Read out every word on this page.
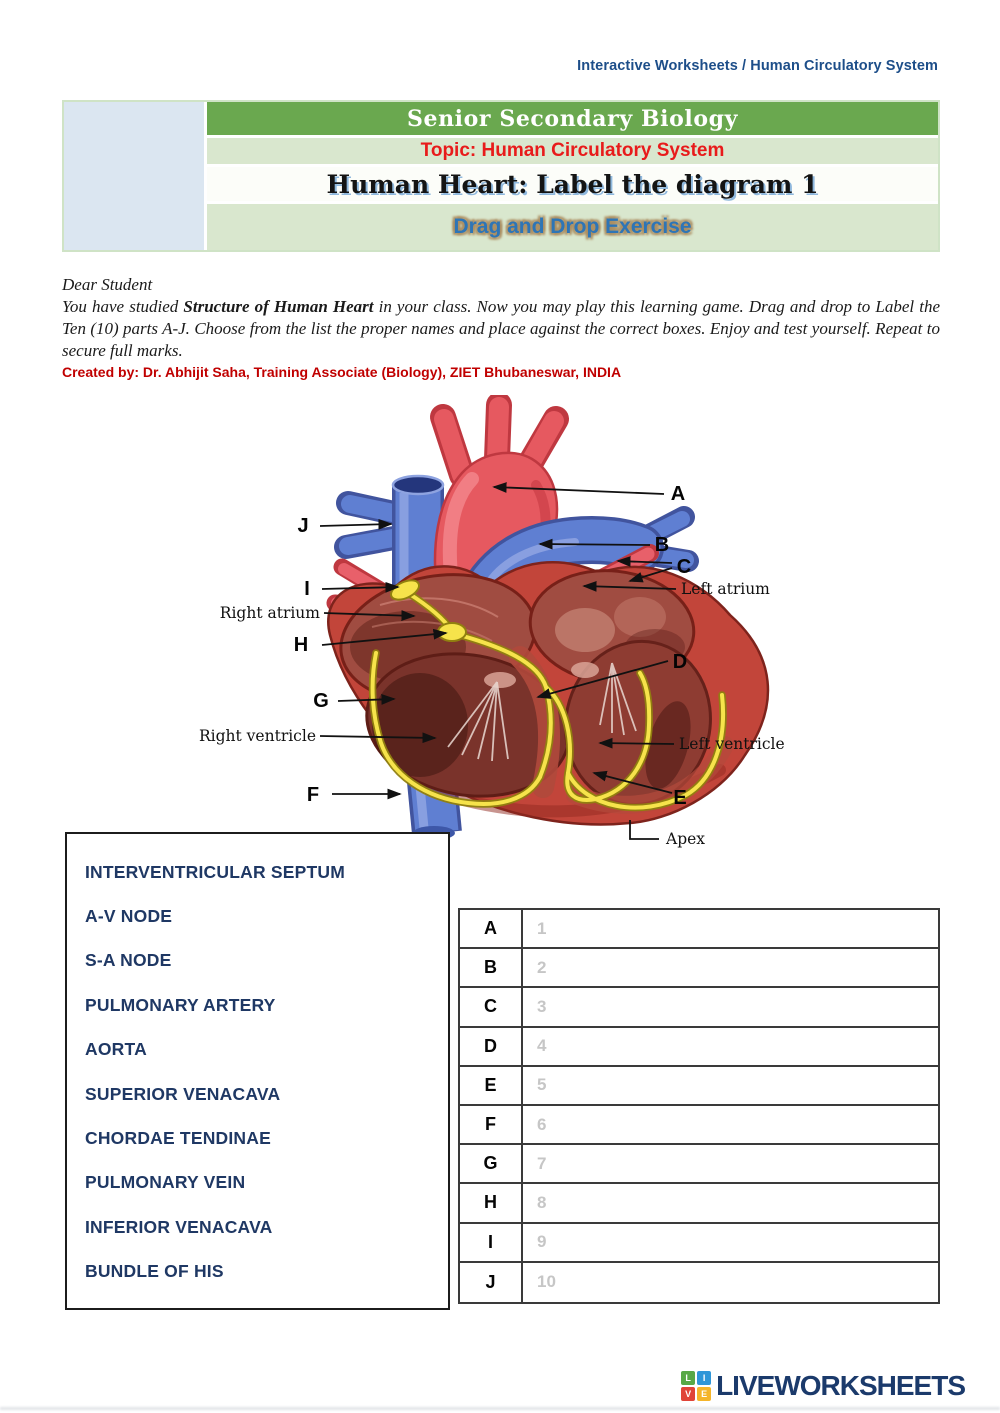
Interactive Worksheets / Human Circulatory System
Senior Secondary Biology
Topic: Human Circulatory System
Human Heart: Label the diagram 1
Drag and Drop Exercise
Dear Student
You have studied Structure of Human Heart in your class. Now you may play this learning game. Drag and drop to Label the Ten (10) parts A-J. Choose from the list the proper names and place against the correct boxes. Enjoy and test yourself. Repeat to secure full marks.
Created by: Dr. Abhijit Saha, Training Associate (Biology), ZIET Bhubaneswar, INDIA
A
B
C
D
E
F
G
H
I
J
Right atrium
Right ventricle
Left atrium
Left ventricle
Apex
INTERVENTRICULAR SEPTUM
A-V NODE
S-A NODE
PULMONARY ARTERY
AORTA
SUPERIOR VENACAVA
CHORDAE TENDINAE
PULMONARY VEIN
INFERIOR VENACAVA
BUNDLE OF HIS
A	1
B	2
C	3
D	4
E	5
F	6
G	7
H	8
I	9
J	10
L	I
V	E LIVEWORKSHEETS
